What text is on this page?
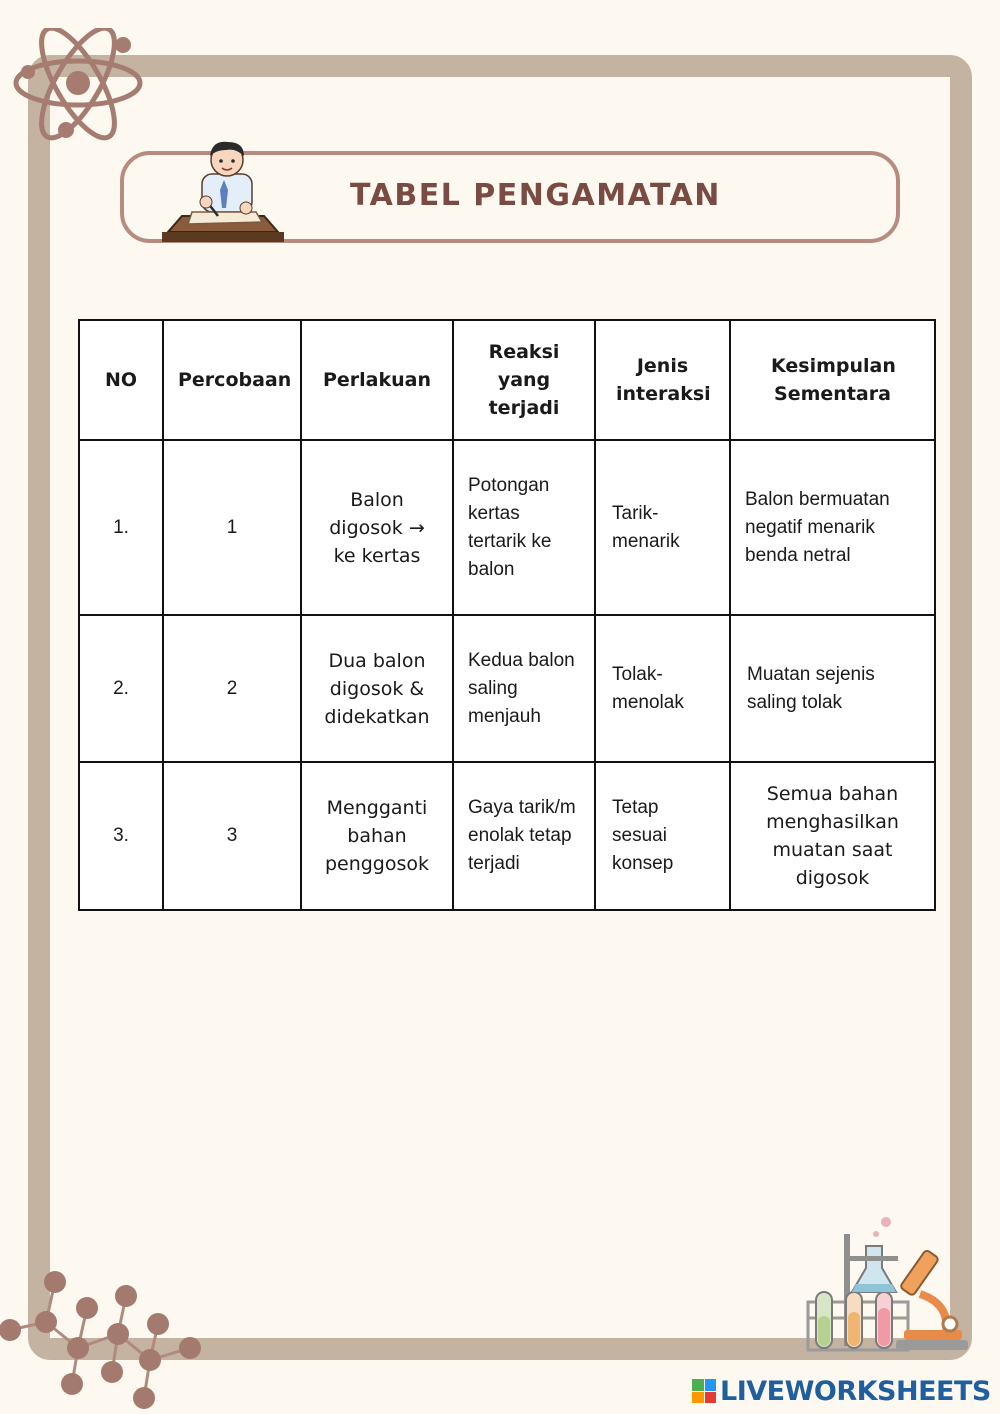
TABEL PENGAMATAN
NO	Percobaan	Perlakuan	Reaksi yang terjadi	Jenis interaksi	Kesimpulan Sementara
1.	1	Balon digosok → ke kertas	Potongan kertas tertarik ke balon	Tarik-menarik	Balon bermuatan negatif menarik benda netral
2.	2	Dua balon digosok & didekatkan	Kedua balon saling menjauh	Tolak-menolak	Muatan sejenis saling tolak
3.	3	Mengganti bahan penggosok	Gaya tarik/menolak tetap terjadi	Tetap sesuai konsep	Semua bahan menghasilkan muatan saat digosok
LIVEWORKSHEETS
